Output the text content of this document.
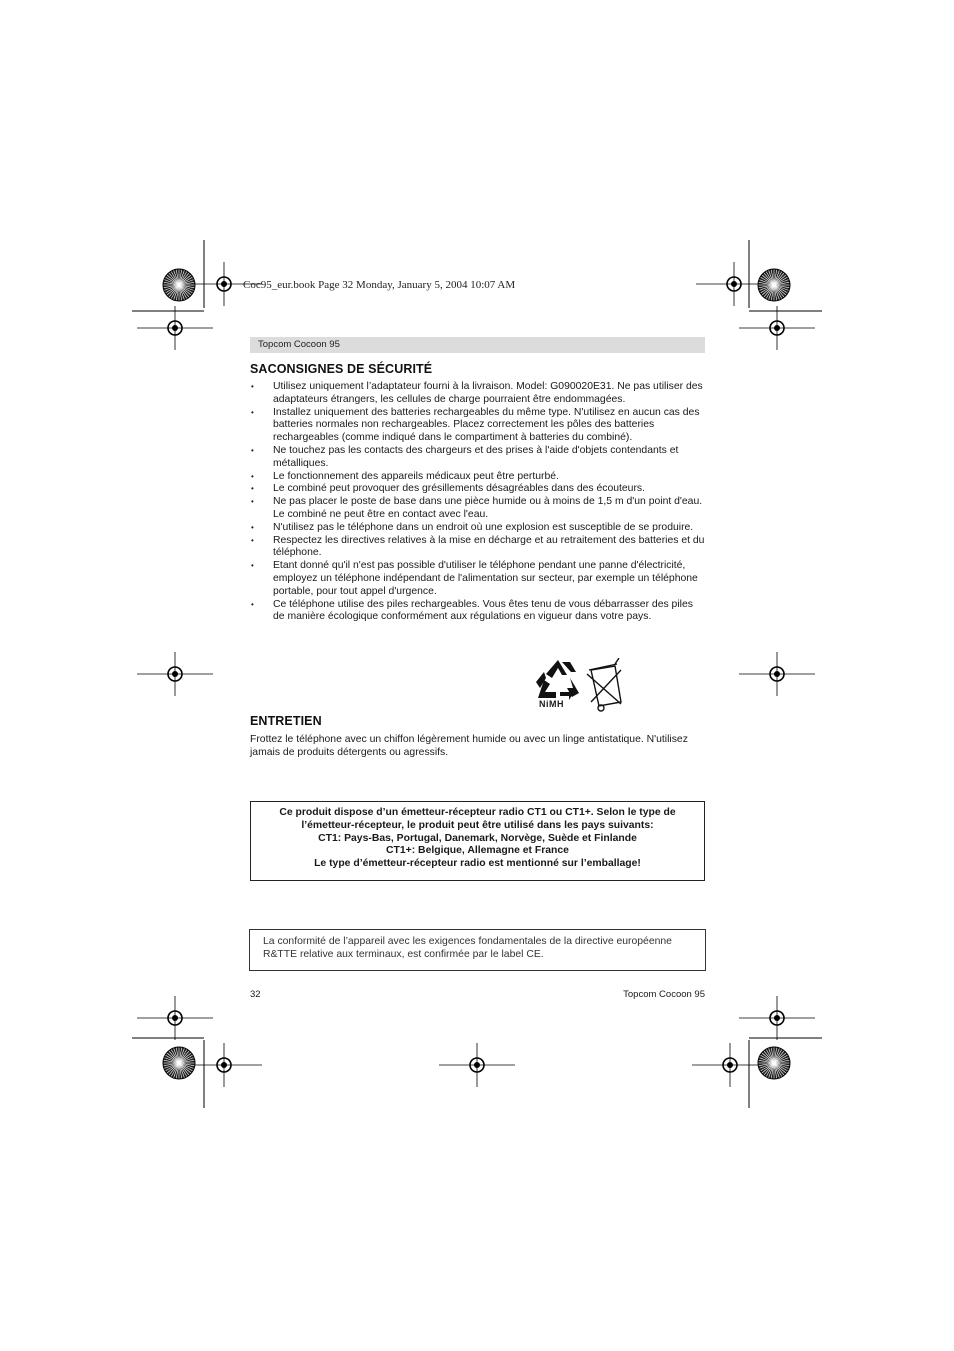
Coc95_eur.book Page 32 Monday, January 5, 2004 10:07 AM
Topcom Cocoon 95
SACONSIGNES DE SÉCURITÉ
• Utilisez uniquement l’adaptateur fourni à la livraison. Model: G090020E31. Ne pas utiliser des adaptateurs étrangers, les cellules de charge pourraient être endommagées.
• Installez uniquement des batteries rechargeables du même type. N'utilisez en aucun cas des batteries normales non rechargeables. Placez correctement les pôles des batteries rechargeables (comme indiqué dans le compartiment à batteries du combiné).
• Ne touchez pas les contacts des chargeurs et des prises à l'aide d'objets contendants et métalliques.
• Le fonctionnement des appareils médicaux peut être perturbé.
• Le combiné peut provoquer des grésillements désagréables dans des écouteurs.
• Ne pas placer le poste de base dans une pièce humide ou à moins de 1,5 m d'un point d'eau. Le combiné ne peut être en contact avec l'eau.
• N'utilisez pas le téléphone dans un endroit où une explosion est susceptible de se produire.
• Respectez les directives relatives à la mise en décharge et au retraitement des batteries et du téléphone.
• Etant donné qu'il n'est pas possible d'utiliser le téléphone pendant une panne d'électricité, employez un téléphone indépendant de l'alimentation sur secteur, par exemple un téléphone portable, pour tout appel d'urgence.
• Ce téléphone utilise des piles rechargeables. Vous êtes tenu de vous débarrasser des piles de manière écologique conformément aux régulations en vigueur dans votre pays.
NiMH
ENTRETIEN
Frottez le téléphone avec un chiffon légèrement humide ou avec un linge antistatique. N'utilisez jamais de produits détergents ou agressifs.
Ce produit dispose d’un émetteur-récepteur radio CT1 ou CT1+. Selon le type de
l’émetteur-récepteur, le produit peut être utilisé dans les pays suivants:
CT1: Pays-Bas, Portugal, Danemark, Norvège, Suède et Finlande
CT1+: Belgique, Allemagne et France
Le type d’émetteur-récepteur radio est mentionné sur l’emballage!
La conformité de l’appareil avec les exigences fondamentales de la directive européenne R&TTE relative aux terminaux, est confirmée par le label CE.
32	Topcom Cocoon 95
